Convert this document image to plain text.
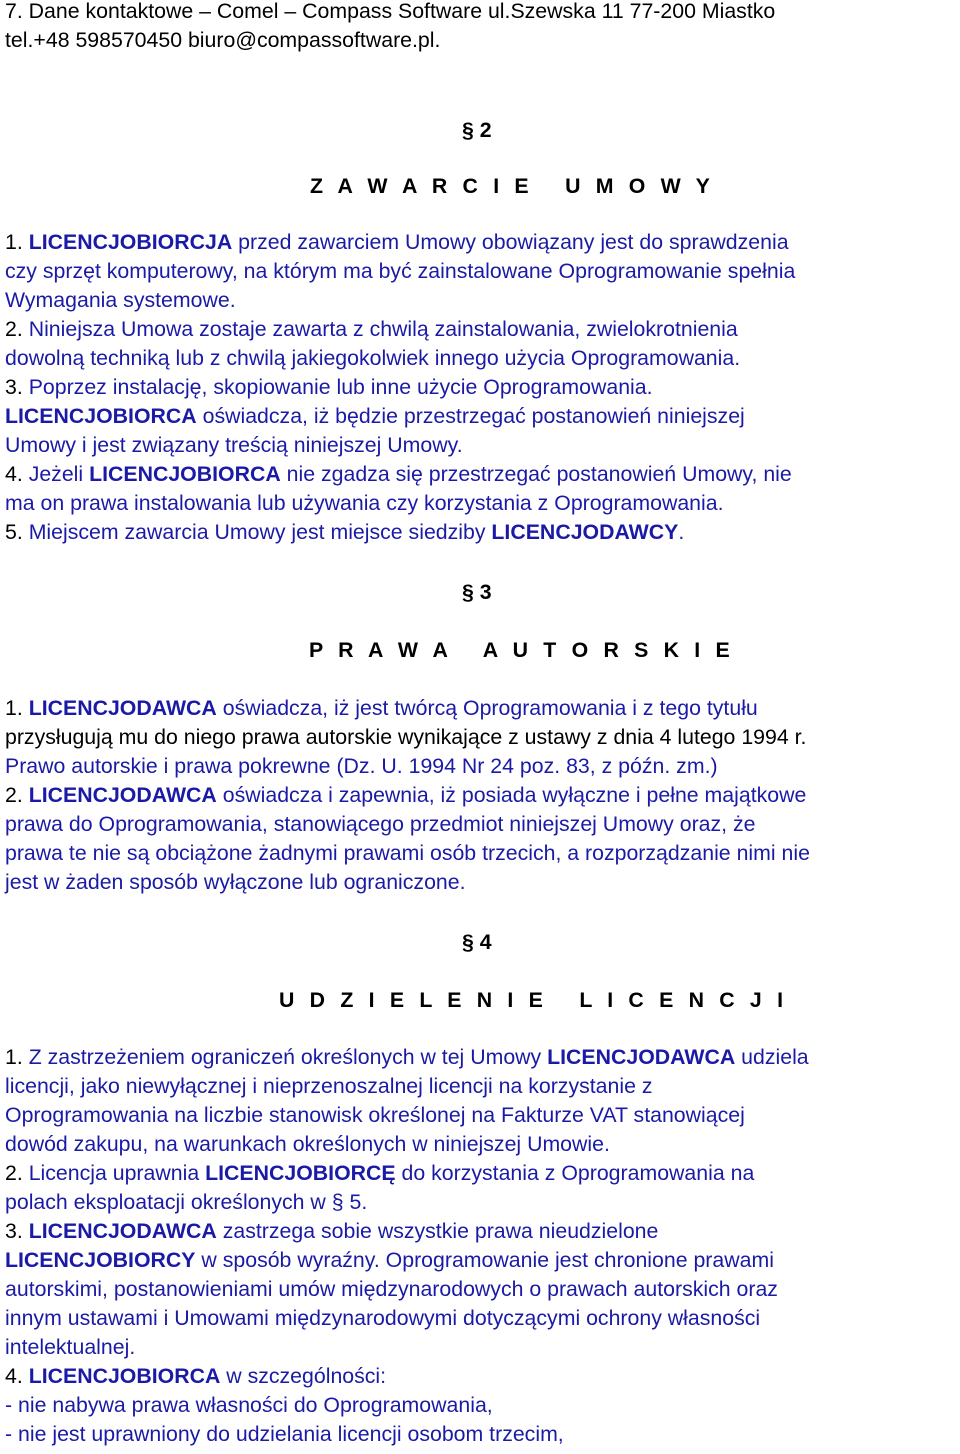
7. Dane kontaktowe – Comel – Compass Software ul.Szewska 11 77-200 Miastko
tel.+48 598570450 biuro@compassoftware.pl.
§ 2
Z A W A R C I E   U M O W Y
1. LICENCJOBIORCJA przed zawarciem Umowy obowiązany jest do sprawdzenia
czy sprzęt komputerowy, na którym ma być zainstalowane Oprogramowanie spełnia
Wymagania systemowe.
2. Niniejsza Umowa zostaje zawarta z chwilą zainstalowania, zwielokrotnienia
dowolną techniką lub z chwilą jakiegokolwiek innego użycia Oprogramowania.
3. Poprzez instalację, skopiowanie lub inne użycie Oprogramowania.
LICENCJOBIORCA oświadcza, iż będzie przestrzegać postanowień niniejszej
Umowy i jest związany treścią niniejszej Umowy.
4. Jeżeli LICENCJOBIORCA nie zgadza się przestrzegać postanowień Umowy, nie
ma on prawa instalowania lub używania czy korzystania z Oprogramowania.
5. Miejscem zawarcia Umowy jest miejsce siedziby LICENCJODAWCY.
§ 3
P R A W A   A U T O R S K I E
1. LICENCJODAWCA oświadcza, iż jest twórcą Oprogramowania i z tego tytułu
przysługują mu do niego prawa autorskie wynikające z ustawy z dnia 4 lutego 1994 r.
Prawo autorskie i prawa pokrewne (Dz. U. 1994 Nr 24 poz. 83, z późn. zm.)
2. LICENCJODAWCA oświadcza i zapewnia, iż posiada wyłączne i pełne majątkowe
prawa do Oprogramowania, stanowiącego przedmiot niniejszej Umowy oraz, że
prawa te nie są obciążone żadnymi prawami osób trzecich, a rozporządzanie nimi nie
jest w żaden sposób wyłączone lub ograniczone.
§ 4
U D Z I E L E N I E   L I C E N C J I
1. Z zastrzeżeniem ograniczeń określonych w tej Umowy LICENCJODAWCA udziela
licencji, jako niewyłącznej i nieprzenoszalnej licencji na korzystanie z
Oprogramowania na liczbie stanowisk określonej na Fakturze VAT stanowiącej
dowód zakupu, na warunkach określonych w niniejszej Umowie.
2. Licencja uprawnia LICENCJOBIORCĘ do korzystania z Oprogramowania na
polach eksploatacji określonych w § 5.
3. LICENCJODAWCA zastrzega sobie wszystkie prawa nieudzielone
LICENCJOBIORCY w sposób wyraźny. Oprogramowanie jest chronione prawami
autorskimi, postanowieniami umów międzynarodowych o prawach autorskich oraz
innym ustawami i Umowami międzynarodowymi dotyczącymi ochrony własności
intelektualnej.
4. LICENCJOBIORCA w szczególności:
- nie nabywa prawa własności do Oprogramowania,
- nie jest uprawniony do udzielania licencji osobom trzecim,
